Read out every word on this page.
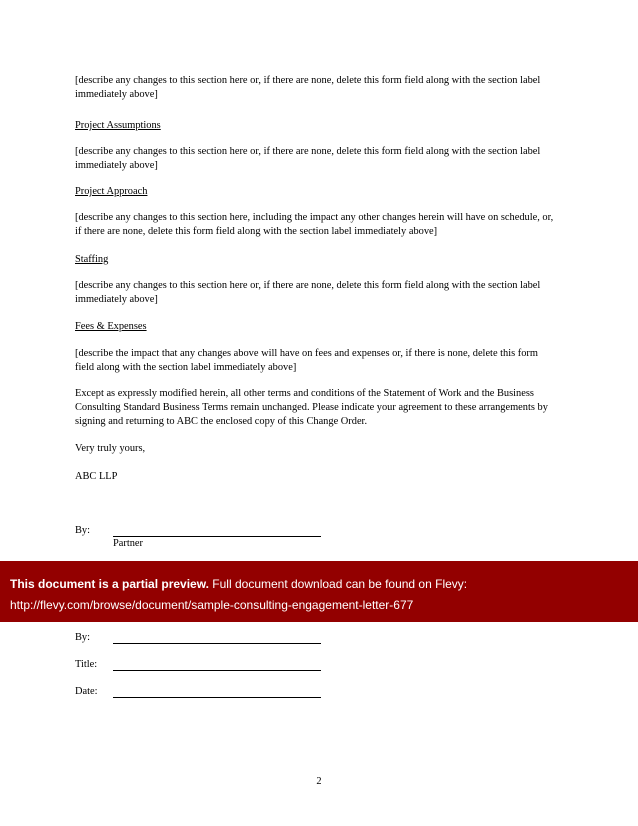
[describe any changes to this section here or, if there are none, delete this form field along with the section label immediately above]

Project Assumptions

[describe any changes to this section here or, if there are none, delete this form field along with the section label immediately above]

Project Approach

[describe any changes to this section here, including the impact any other changes herein will have on schedule, or, if there are none, delete this form field along with the section label immediately above]

Staffing

[describe any changes to this section here or, if there are none, delete this form field along with the section label immediately above]

Fees & Expenses

[describe the impact that any changes above will have on fees and expenses or, if there is none, delete this form field along with the section label immediately above]

Except as expressly modified herein, all other terms and conditions of the Statement of Work and the Business Consulting Standard Business Terms remain unchanged. Please indicate your agreement to these arrangements by signing and returning to ABC the enclosed copy of this Change Order.

Very truly yours,

ABC LLP

By:
Partner
This document is a partial preview. Full document download can be found on Flevy:
http://flevy.com/browse/document/sample-consulting-engagement-letter-677
By:
Title:
Date:
2
